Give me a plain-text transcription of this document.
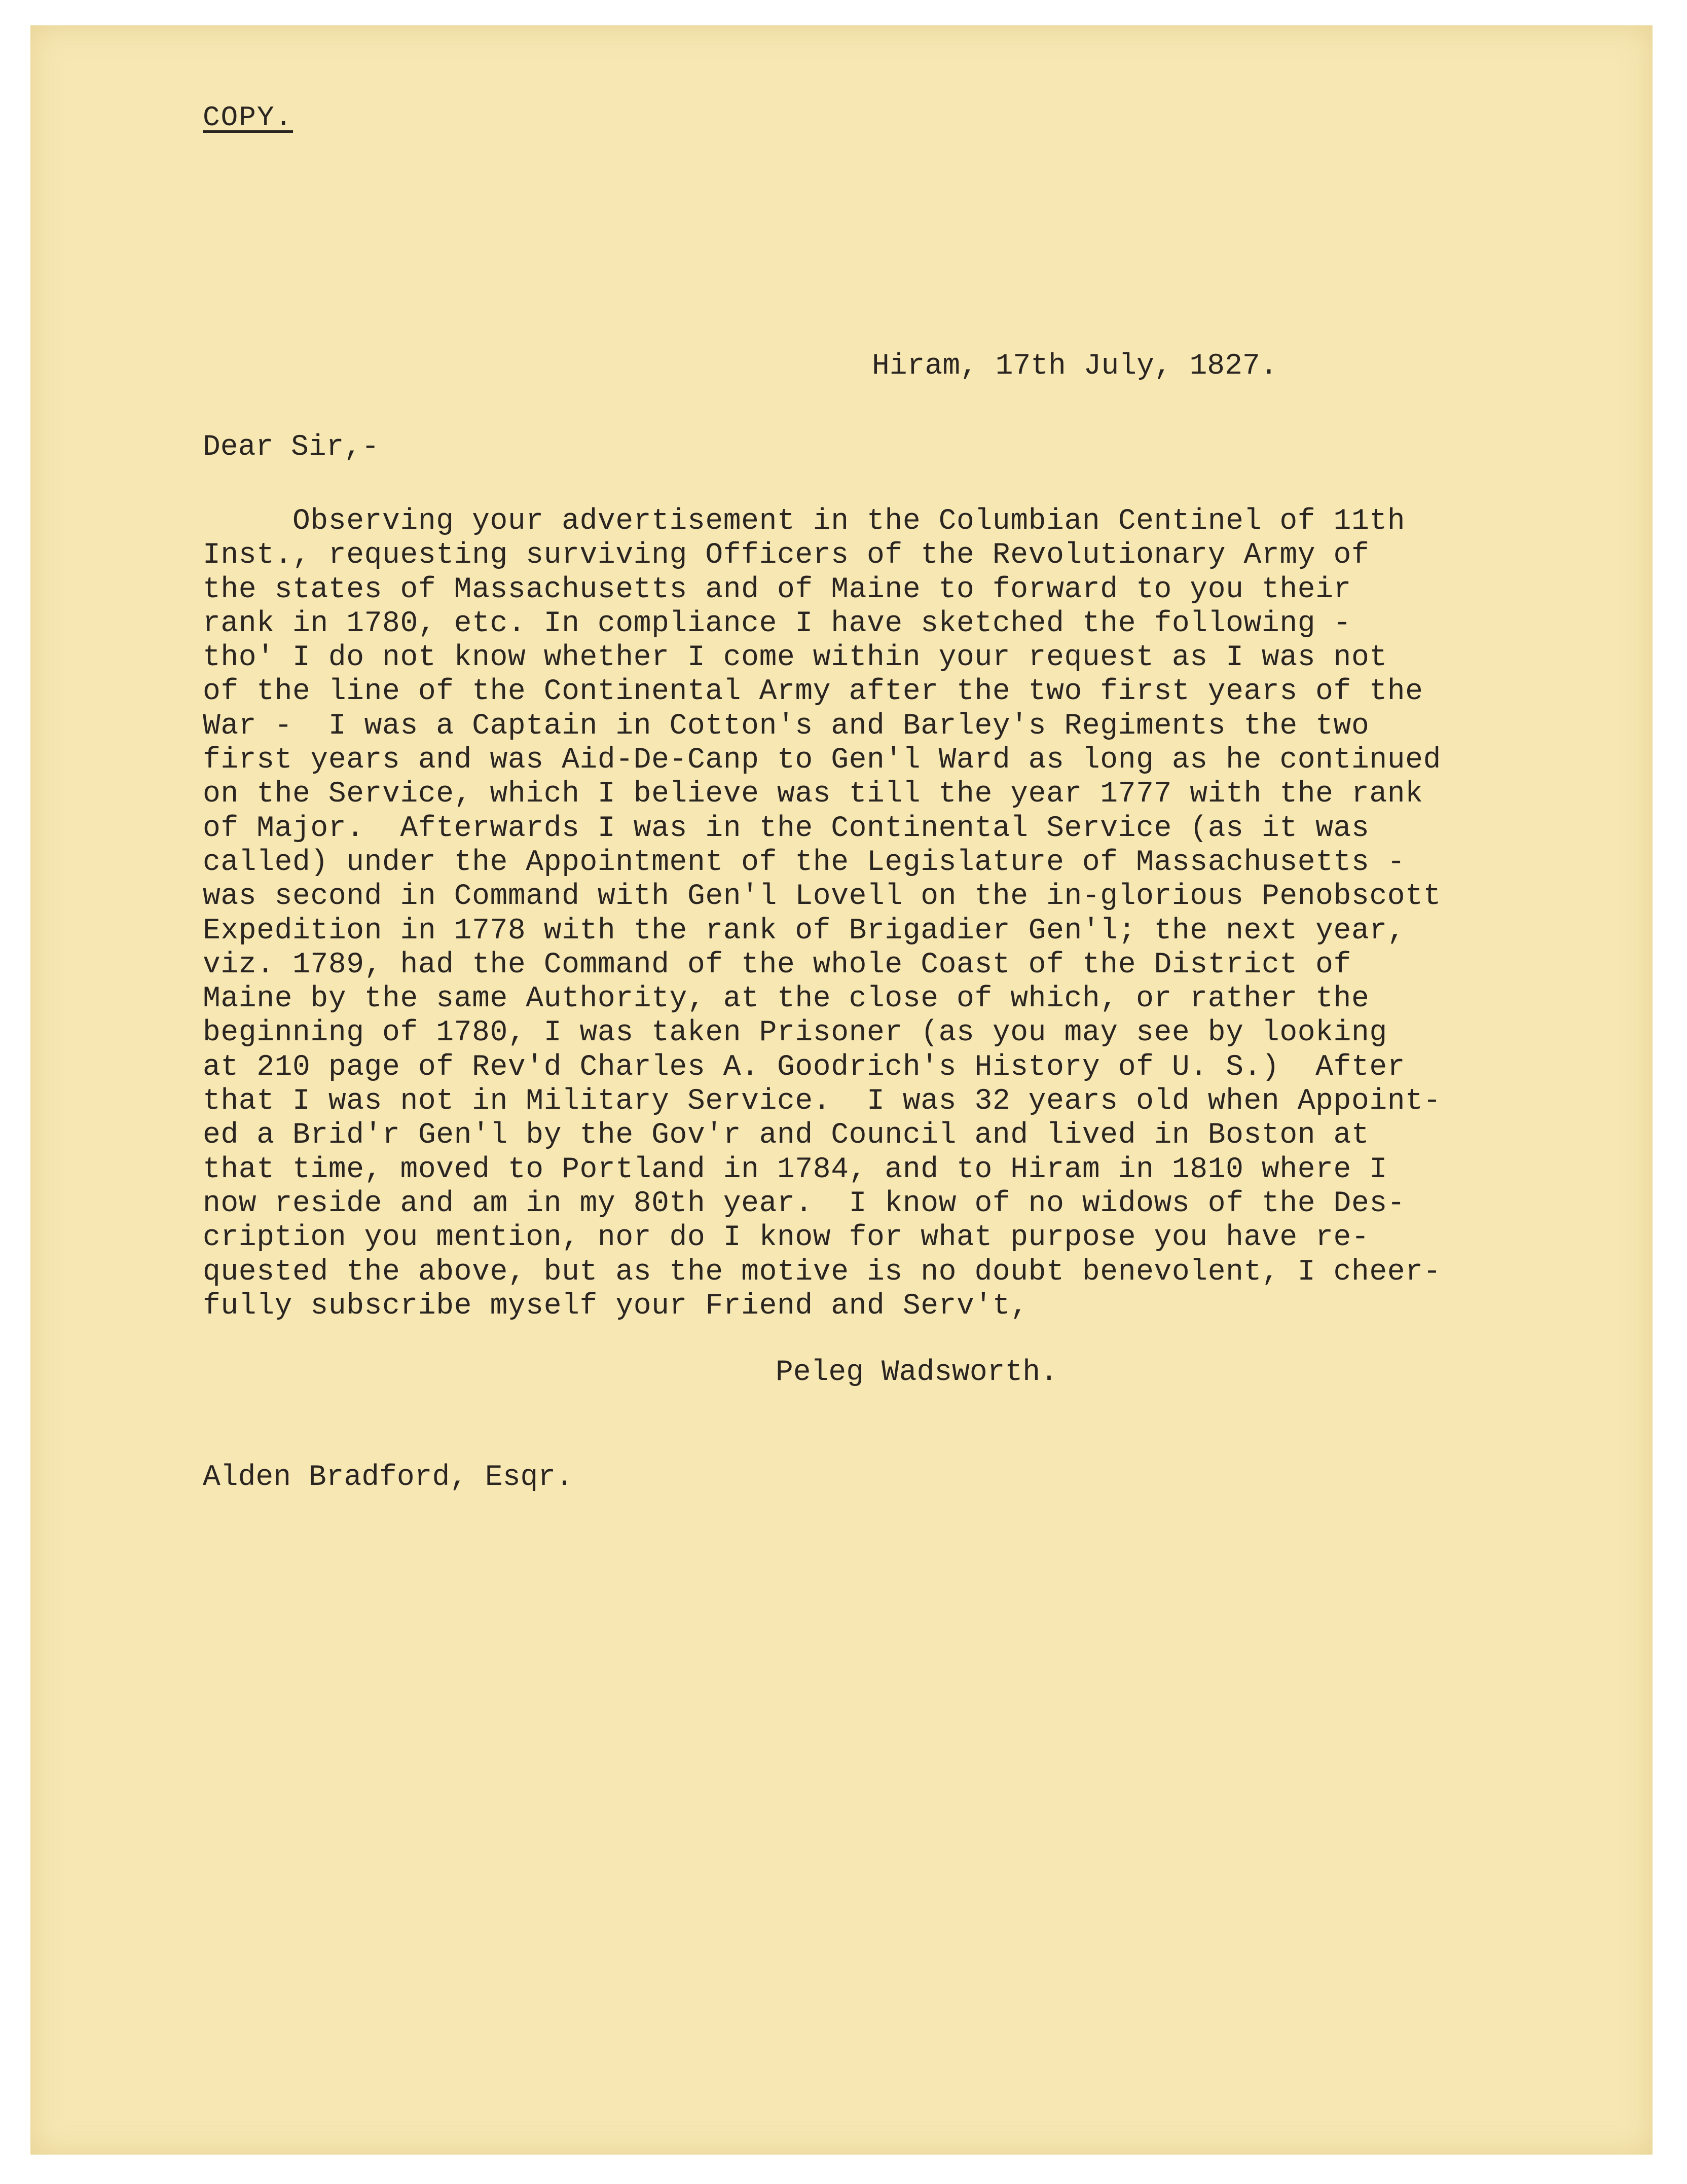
COPY.
Hiram, 17th July, 1827.
Dear Sir,-
Observing your advertisement in the Columbian Centinel of 11th
Inst., requesting surviving Officers of the Revolutionary Army of
the states of Massachusetts and of Maine to forward to you their
rank in 1780, etc. In compliance I have sketched the following -
tho' I do not know whether I come within your request as I was not
of the line of the Continental Army after the two first years of the
War -  I was a Captain in Cotton's and Barley's Regiments the two
first years and was Aid-De-Canp to Gen'l Ward as long as he continued
on the Service, which I believe was till the year 1777 with the rank
of Major.  Afterwards I was in the Continental Service (as it was
called) under the Appointment of the Legislature of Massachusetts -
was second in Command with Gen'l Lovell on the in-glorious Penobscott
Expedition in 1778 with the rank of Brigadier Gen'l; the next year,
viz. 1789, had the Command of the whole Coast of the District of
Maine by the same Authority, at the close of which, or rather the
beginning of 1780, I was taken Prisoner (as you may see by looking
at 210 page of Rev'd Charles A. Goodrich's History of U. S.)  After
that I was not in Military Service.  I was 32 years old when Appoint-
ed a Brid'r Gen'l by the Gov'r and Council and lived in Boston at
that time, moved to Portland in 1784, and to Hiram in 1810 where I
now reside and am in my 80th year.  I know of no widows of the Des-
cription you mention, nor do I know for what purpose you have re-
quested the above, but as the motive is no doubt benevolent, I cheer-
fully subscribe myself your Friend and Serv't,
Peleg Wadsworth.
Alden Bradford, Esqr.
